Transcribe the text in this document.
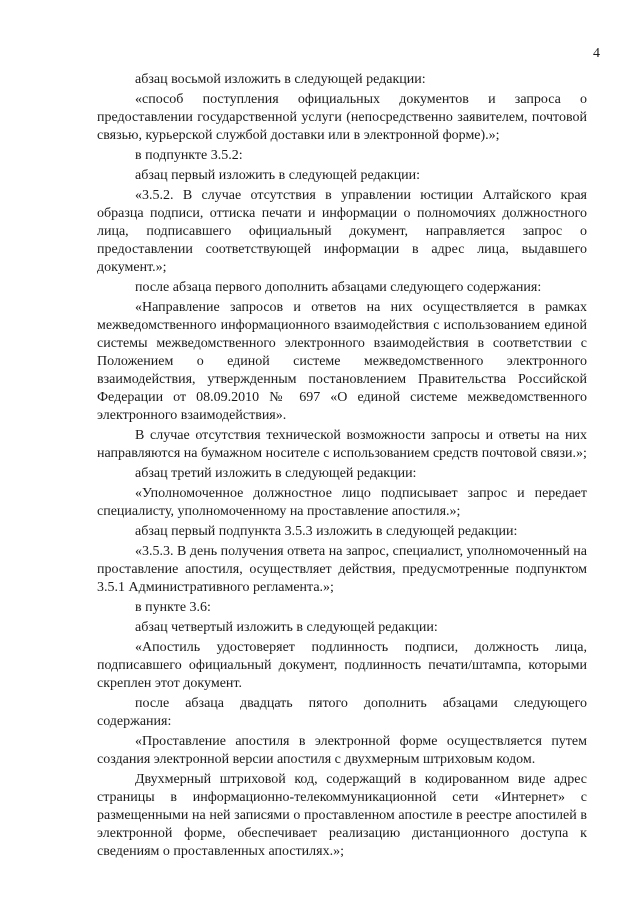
4

абзац восьмой изложить в следующей редакции:

«способ поступления официальных документов и запроса о предоставлении государственной услуги (непосредственно заявителем, почтовой связью, курьерской службой доставки или в электронной форме).»;

в подпункте 3.5.2:

абзац первый изложить в следующей редакции:

«3.5.2. В случае отсутствия в управлении юстиции Алтайского края образца подписи, оттиска печати и информации о полномочиях должностного лица, подписавшего официальный документ, направляется запрос о предоставлении соответствующей информации в адрес лица, выдавшего документ.»;

после абзаца первого дополнить абзацами следующего содержания:

«Направление запросов и ответов на них осуществляется в рамках межведомственного информационного взаимодействия с использованием единой системы межведомственного электронного взаимодействия в соответствии с Положением о единой системе межведомственного электронного взаимодействия, утвержденным постановлением Правительства Российской Федерации от 08.09.2010 № 697 «О единой системе межведомственного электронного взаимодействия».

В случае отсутствия технической возможности запросы и ответы на них направляются на бумажном носителе с использованием средств почтовой связи.»;

абзац третий изложить в следующей редакции:

«Уполномоченное должностное лицо подписывает запрос и передает специалисту, уполномоченному на проставление апостиля.»;

абзац первый подпункта 3.5.3 изложить в следующей редакции:

«3.5.3. В день получения ответа на запрос, специалист, уполномоченный на проставление апостиля, осуществляет действия, предусмотренные подпунктом 3.5.1 Административного регламента.»;

в пункте 3.6:

абзац четвертый изложить в следующей редакции:

«Апостиль удостоверяет подлинность подписи, должность лица, подписавшего официальный документ, подлинность печати/штампа, которыми скреплен этот документ.

после абзаца двадцать пятого дополнить абзацами следующего содержания:

«Проставление апостиля в электронной форме осуществляется путем создания электронной версии апостиля с двухмерным штриховым кодом.

Двухмерный штриховой код, содержащий в кодированном виде адрес страницы в информационно-телекоммуникационной сети «Интернет» с размещенными на ней записями о проставленном апостиле в реестре апостилей в электронной форме, обеспечивает реализацию дистанционного доступа к сведениям о проставленных апостилях.»;
